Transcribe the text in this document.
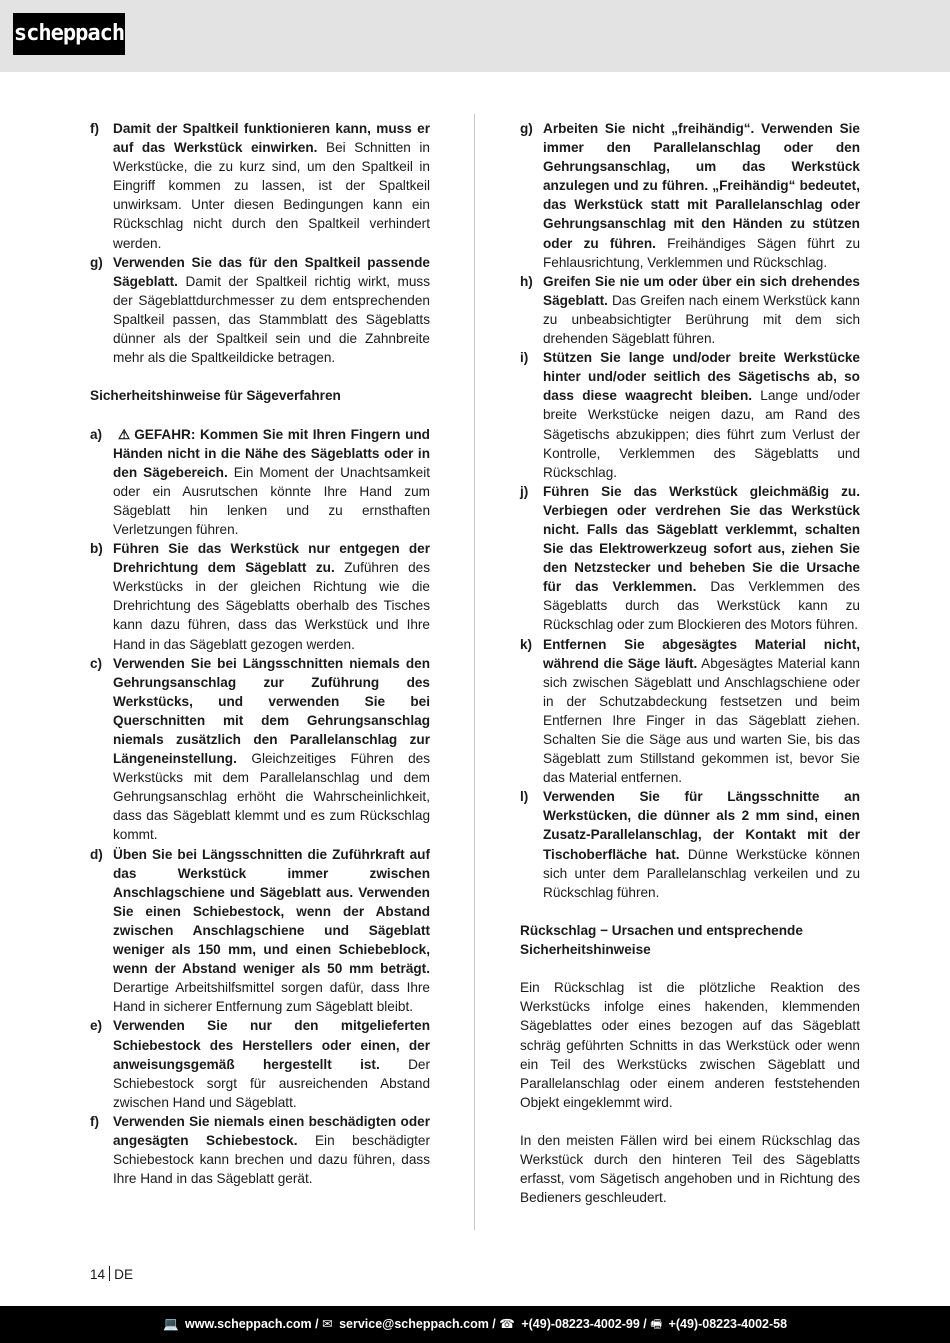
scheppach
f) Damit der Spaltkeil funktionieren kann, muss er auf das Werkstück einwirken. Bei Schnitten in Werkstücke, die zu kurz sind, um den Spaltkeil in Eingriff kommen zu lassen, ist der Spaltkeil unwirksam. Unter diesen Bedingungen kann ein Rückschlag nicht durch den Spaltkeil verhindert werden.
g) Verwenden Sie das für den Spaltkeil passende Sägeblatt. Damit der Spaltkeil richtig wirkt, muss der Sägeblattdurchmesser zu dem entsprechenden Spaltkeil passen, das Stammblatt des Sägeblatts dünner als der Spaltkeil sein und die Zahnbreite mehr als die Spaltkeildicke betragen.
Sicherheitshinweise für Sägeverfahren
a) ⚠ GEFAHR: Kommen Sie mit Ihren Fingern und Händen nicht in die Nähe des Sägeblatts oder in den Sägebereich. Ein Moment der Unachtsamkeit oder ein Ausrutschen könnte Ihre Hand zum Sägeblatt hin lenken und zu ernsthaften Verletzungen führen.
b) Führen Sie das Werkstück nur entgegen der Drehrichtung dem Sägeblatt zu. Zuführen des Werkstücks in der gleichen Richtung wie die Drehrichtung des Sägeblatts oberhalb des Tisches kann dazu führen, dass das Werkstück und Ihre Hand in das Sägeblatt gezogen werden.
c) Verwenden Sie bei Längsschnitten niemals den Gehrungsanschlag zur Zuführung des Werkstücks, und verwenden Sie bei Querschnitten mit dem Gehrungsanschlag niemals zusätzlich den Parallelanschlag zur Längeneinstellung. Gleichzeitiges Führen des Werkstücks mit dem Parallelanschlag und dem Gehrungsanschlag erhöht die Wahrscheinlichkeit, dass das Sägeblatt klemmt und es zum Rückschlag kommt.
d) Üben Sie bei Längsschnitten die Zuführkraft auf das Werkstück immer zwischen Anschlagschiene und Sägeblatt aus. Verwenden Sie einen Schiebestock, wenn der Abstand zwischen Anschlagschiene und Sägeblatt weniger als 150 mm, und einen Schiebeblock, wenn der Abstand weniger als 50 mm beträgt. Derartige Arbeitshilfsmittel sorgen dafür, dass Ihre Hand in sicherer Entfernung zum Sägeblatt bleibt.
e) Verwenden Sie nur den mitgelieferten Schiebestock des Herstellers oder einen, der anweisungsgemäß hergestellt ist. Der Schiebestock sorgt für ausreichenden Abstand zwischen Hand und Sägeblatt.
f) Verwenden Sie niemals einen beschädigten oder angesägten Schiebestock. Ein beschädigter Schiebestock kann brechen und dazu führen, dass Ihre Hand in das Sägeblatt gerät.
g) Arbeiten Sie nicht „freihändig“. Verwenden Sie immer den Parallelanschlag oder den Gehrungsanschlag, um das Werkstück anzulegen und zu führen. „Freihändig“ bedeutet, das Werkstück statt mit Parallelanschlag oder Gehrungsanschlag mit den Händen zu stützen oder zu führen. Freihändiges Sägen führt zu Fehlausrichtung, Verklemmen und Rückschlag.
h) Greifen Sie nie um oder über ein sich drehendes Sägeblatt. Das Greifen nach einem Werkstück kann zu unbeabsichtigter Berührung mit dem sich drehenden Sägeblatt führen.
i) Stützen Sie lange und/oder breite Werkstücke hinter und/oder seitlich des Sägetischs ab, so dass diese waagrecht bleiben. Lange und/oder breite Werkstücke neigen dazu, am Rand des Sägetischs abzukippen; dies führt zum Verlust der Kontrolle, Verklemmen des Sägeblatts und Rückschlag.
j) Führen Sie das Werkstück gleichmäßig zu. Verbiegen oder verdrehen Sie das Werkstück nicht. Falls das Sägeblatt verklemmt, schalten Sie das Elektrowerkzeug sofort aus, ziehen Sie den Netzstecker und beheben Sie die Ursache für das Verklemmen. Das Verklemmen des Sägeblatts durch das Werkstück kann zu Rückschlag oder zum Blockieren des Motors führen.
k) Entfernen Sie abgesägtes Material nicht, während die Säge läuft. Abgesägtes Material kann sich zwischen Sägeblatt und Anschlagschiene oder in der Schutzabdeckung festsetzen und beim Entfernen Ihre Finger in das Sägeblatt ziehen. Schalten Sie die Säge aus und warten Sie, bis das Sägeblatt zum Stillstand gekommen ist, bevor Sie das Material entfernen.
l) Verwenden Sie für Längsschnitte an Werkstücken, die dünner als 2 mm sind, einen Zusatz-Parallelanschlag, der Kontakt mit der Tischoberfläche hat. Dünne Werkstücke können sich unter dem Parallelanschlag verkeilen und zu Rückschlag führen.
Rückschlag − Ursachen und entsprechende
Sicherheitshinweise
Ein Rückschlag ist die plötzliche Reaktion des Werkstücks infolge eines hakenden, klemmenden Sägeblattes oder eines bezogen auf das Sägeblatt schräg geführten Schnitts in das Werkstück oder wenn ein Teil des Werkstücks zwischen Sägeblatt und Parallelanschlag oder einem anderen feststehenden Objekt eingeklemmt wird.
In den meisten Fällen wird bei einem Rückschlag das Werkstück durch den hinteren Teil des Sägeblatts erfasst, vom Sägetisch angehoben und in Richtung des Bedieners geschleudert.
14 DE
💻 www.scheppach.com / ✉ service@scheppach.com / ☎ +(49)-08223-4002-99 / 🖷 +(49)-08223-4002-58
